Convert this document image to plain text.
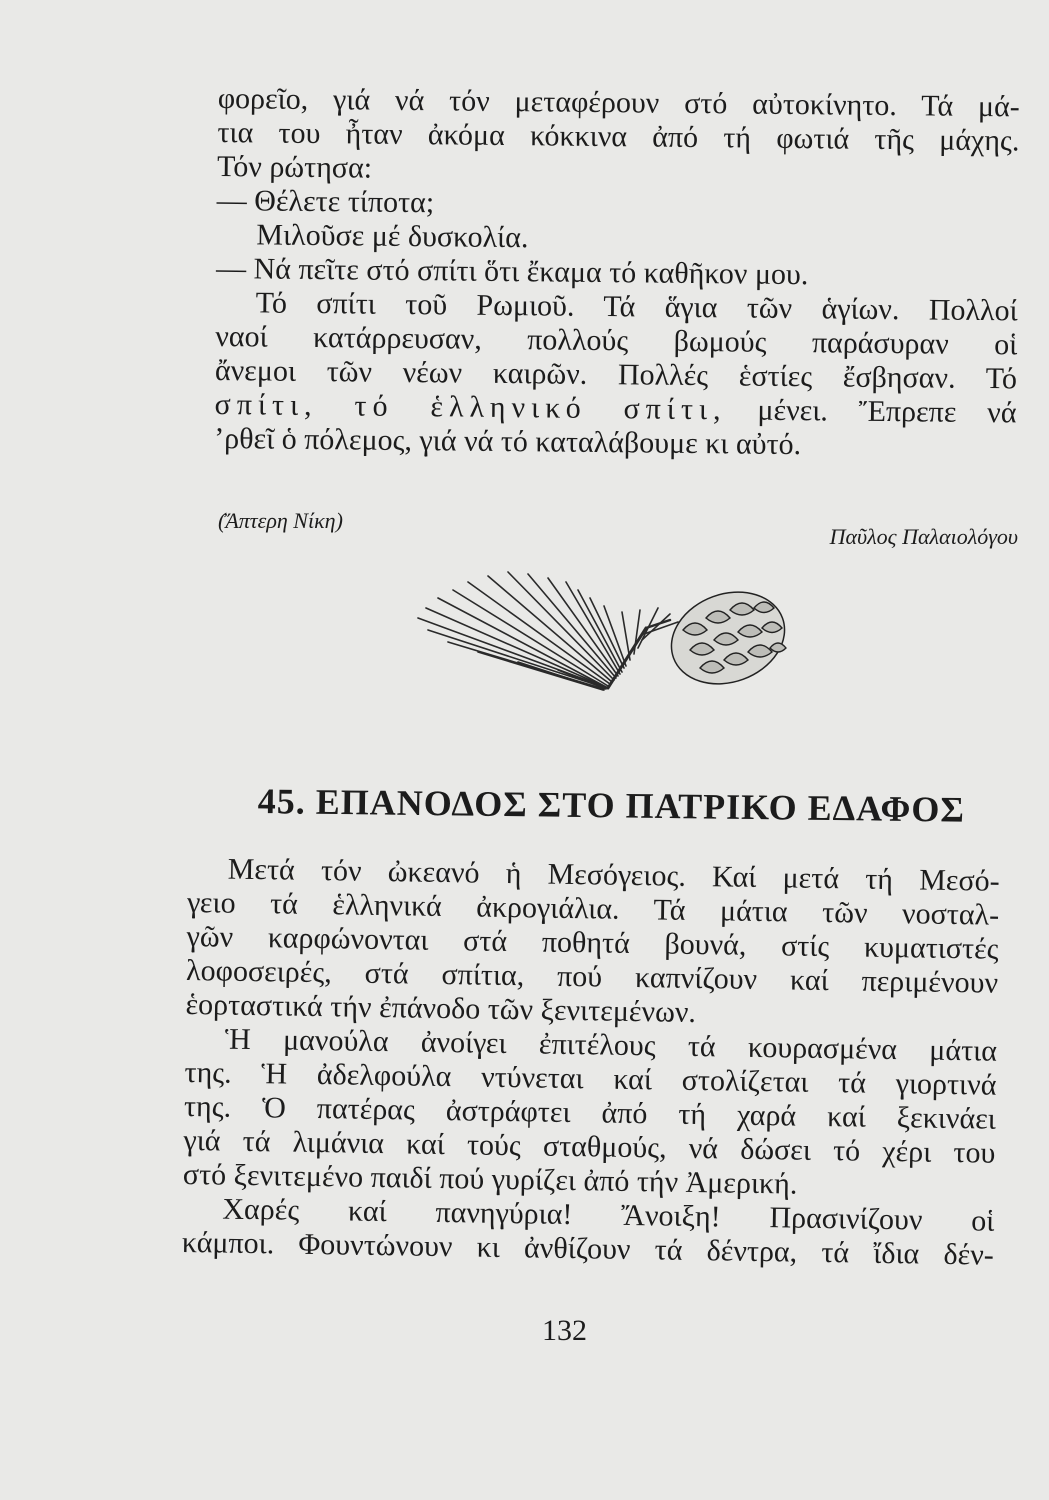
φορεῖο, γιά νά τόν μεταφέρουν στό αὐτοκίνητο. Τά μά-
τια του ἦταν ἀκόμα κόκκινα ἀπό τή φωτιά τῆς μάχης.
Τόν ρώτησα:
— Θέλετε τίποτα;
Μιλοῦσε μέ δυσκολία.
— Νά πεῖτε στό σπίτι ὅτι ἔκαμα τό καθῆκον μου.
Τό σπίτι τοῦ Ρωμιοῦ. Τά ἅγια τῶν ἁγίων. Πολλοί
ναοί κατάρρευσαν, πολλούς βωμούς παράσυραν οἱ
ἄνεμοι τῶν νέων καιρῶν. Πολλές ἑστίες ἔσβησαν. Τό
σπίτι, τό ἑλληνικό σπίτι, μένει. Ἔπρεπε νά
’ρθεῖ ὁ πόλεμος, γιά νά τό καταλάβουμε κι αὐτό.
(Ἄπτερη Νίκη)
Παῦλος Παλαιολόγου
45. ΕΠΑΝΟΔΟΣ ΣΤΟ ΠΑΤΡΙΚΟ ΕΔΑΦΟΣ
Μετά τόν ὠκεανό ἡ Μεσόγειος. Καί μετά τή Μεσό-
γειο τά ἑλληνικά ἀκρογιάλια. Τά μάτια τῶν νοσταλ-
γῶν καρφώνονται στά ποθητά βουνά, στίς κυματιστές
λοφοσειρές, στά σπίτια, πού καπνίζουν καί περιμένουν
ἑορταστικά τήν ἐπάνοδο τῶν ξενιτεμένων.
Ἡ μανούλα ἀνοίγει ἐπιτέλους τά κουρασμένα μάτια
της. Ἡ ἀδελφούλα ντύνεται καί στολίζεται τά γιορτινά
της. Ὁ πατέρας ἀστράφτει ἀπό τή χαρά καί ξεκινάει
γιά τά λιμάνια καί τούς σταθμούς, νά δώσει τό χέρι του
στό ξενιτεμένο παιδί πού γυρίζει ἀπό τήν Ἀμερική.
Χαρές καί πανηγύρια! Ἄνοιξη! Πρασινίζουν οἱ
κάμποι. Φουντώνουν κι ἀνθίζουν τά δέντρα, τά ἴδια δέν-
132
